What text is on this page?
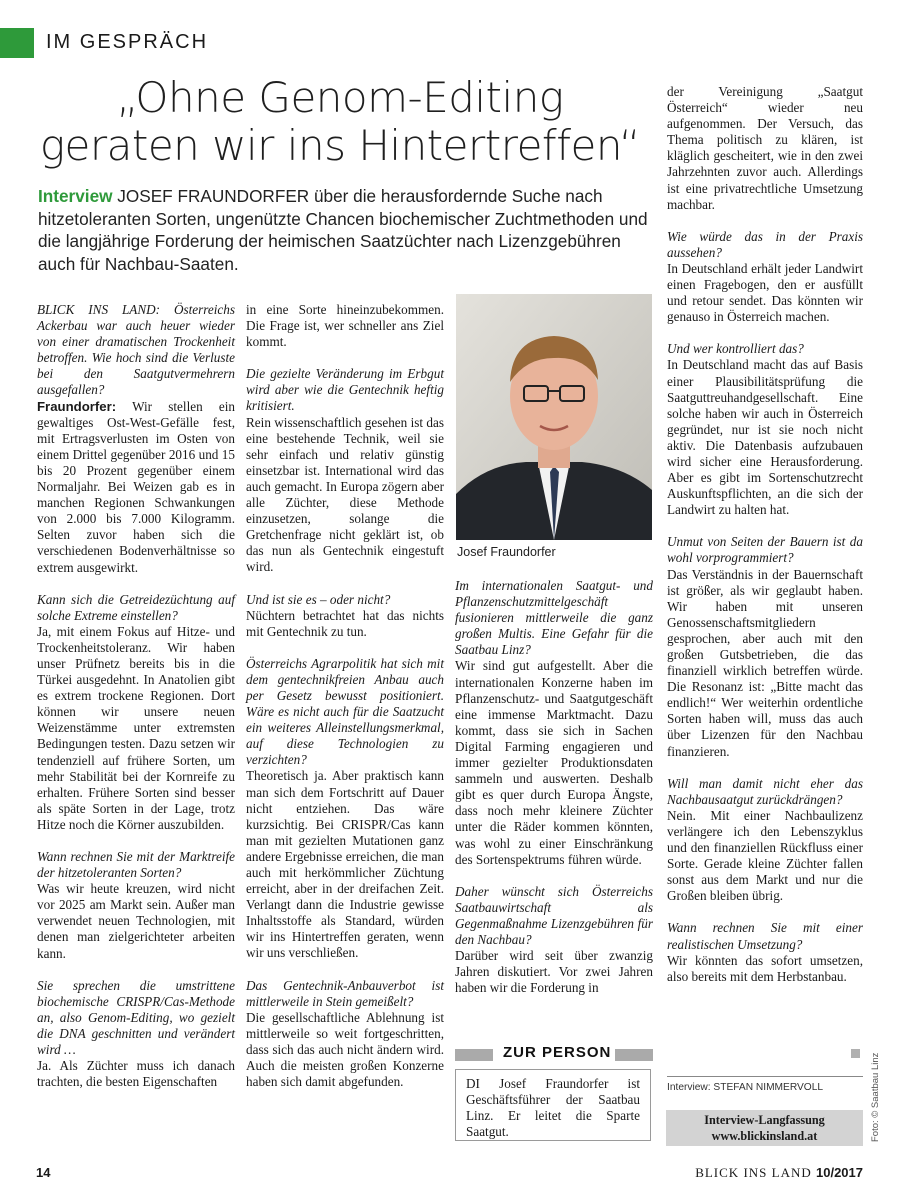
IM GESPRÄCH
„Ohne Genom-Editing
geraten wir ins Hintertreffen“
Interview JOSEF FRAUNDORFER über die herausfordernde Suche nach hitzetoleranten Sorten, ungenützte Chancen biochemischer Zuchtmethoden und die langjährige Forderung der heimischen Saatzüchter nach Lizenzgebühren auch für Nachbau-Saaten.

BLICK INS LAND: Österreichs Ackerbau war auch heuer wieder von einer dramatischen Trockenheit betroffen. Wie hoch sind die Verluste bei den Saatgutvermehrern ausgefallen?
Fraundorfer: Wir stellen ein gewaltiges Ost-West-Gefälle fest, mit Ertragsverlusten im Osten von einem Drittel gegenüber 2016 und 15 bis 20 Prozent gegenüber einem Normaljahr. Bei Weizen gab es in manchen Regionen Schwankungen von 2.000 bis 7.000 Kilogramm. Selten zuvor haben sich die verschiedenen Bodenverhältnisse so extrem ausgewirkt.

Kann sich die Getreidezüchtung auf solche Extreme einstellen?
Ja, mit einem Fokus auf Hitze- und Trockenheitstoleranz. Wir haben unser Prüfnetz bereits bis in die Türkei ausgedehnt. In Anatolien gibt es extrem trockene Regionen. Dort können wir unsere neuen Weizenstämme unter extremsten Bedingungen testen. Dazu setzen wir tendenziell auf frühere Sorten, um mehr Stabilität bei der Kornreife zu erhalten. Frühere Sorten sind besser als späte Sorten in der Lage, trotz Hitze noch die Körner auszubilden.

Wann rechnen Sie mit der Marktreife der hitzetoleranten Sorten?
Was wir heute kreuzen, wird nicht vor 2025 am Markt sein. Außer man verwendet neuen Technologien, mit denen man zielgerichteter arbeiten kann.

Sie sprechen die umstrittene biochemische CRISPR/Cas-Methode an, also Genom-Editing, wo gezielt die DNA geschnitten und verändert wird …
Ja. Als Züchter muss ich danach trachten, die besten Eigenschaften

in eine Sorte hineinzubekommen. Die Frage ist, wer schneller ans Ziel kommt.

Die gezielte Veränderung im Erbgut wird aber wie die Gentechnik heftig kritisiert.
Rein wissenschaftlich gesehen ist das eine bestehende Technik, weil sie sehr einfach und relativ günstig einsetzbar ist. International wird das auch gemacht. In Europa zögern aber alle Züchter, diese Methode einzusetzen, solange die Gretchenfrage nicht geklärt ist, ob das nun als Gentechnik eingestuft wird.

Und ist sie es – oder nicht?
Nüchtern betrachtet hat das nichts mit Gentechnik zu tun.

Österreichs Agrarpolitik hat sich mit dem gentechnikfreien Anbau auch per Gesetz bewusst positioniert. Wäre es nicht auch für die Saatzucht ein weiteres Alleinstellungsmerkmal, auf diese Technologien zu verzichten?
Theoretisch ja. Aber praktisch kann man sich dem Fortschritt auf Dauer nicht entziehen. Das wäre kurzsichtig. Bei CRISPR/Cas kann man mit gezielten Mutationen ganz andere Ergebnisse erreichen, die man auch mit herkömmlicher Züchtung erreicht, aber in der dreifachen Zeit. Verlangt dann die Industrie gewisse Inhaltsstoffe als Standard, würden wir ins Hintertreffen geraten, wenn wir uns verschließen.

Das Gentechnik-Anbauverbot ist mittlerweile in Stein gemeißelt?
Die gesellschaftliche Ablehnung ist mittlerweile so weit fortgeschritten, dass sich das auch nicht ändern wird. Auch die meisten großen Konzerne haben sich damit abgefunden.

Josef Fraundorfer

Im internationalen Saatgut- und Pflanzenschutzmittelgeschäft fusionieren mittlerweile die ganz großen Multis. Eine Gefahr für die Saatbau Linz?
Wir sind gut aufgestellt. Aber die internationalen Konzerne haben im Pflanzenschutz- und Saatgutgeschäft eine immense Marktmacht. Dazu kommt, dass sie sich in Sachen Digital Farming engagieren und immer gezielter Produktionsdaten sammeln und auswerten. Deshalb gibt es quer durch Europa Ängste, dass noch mehr kleinere Züchter unter die Räder kommen könnten, was wohl zu einer Einschränkung des Sortenspektrums führen würde.

Daher wünscht sich Österreichs Saatbauwirtschaft als Gegenmaßnahme Lizenzgebühren für den Nachbau?
Darüber wird seit über zwanzig Jahren diskutiert. Vor zwei Jahren haben wir die Forderung in

ZUR PERSON
DI Josef Fraundorfer ist Geschäftsführer der Saatbau Linz. Er leitet die Sparte Saatgut.

der Vereinigung „Saatgut Österreich“ wieder neu aufgenommen. Der Versuch, das Thema politisch zu klären, ist kläglich gescheitert, wie in den zwei Jahrzehnten zuvor auch. Allerdings ist eine privatrechtliche Umsetzung machbar.

Wie würde das in der Praxis aussehen?
In Deutschland erhält jeder Landwirt einen Fragebogen, den er ausfüllt und retour sendet. Das könnten wir genauso in Österreich machen.

Und wer kontrolliert das?
In Deutschland macht das auf Basis einer Plausibilitätsprüfung die Saatguttreuhandgesellschaft. Eine solche haben wir auch in Österreich gegründet, nur ist sie noch nicht aktiv. Die Datenbasis aufzubauen wird sicher eine Herausforderung. Aber es gibt im Sortenschutzrecht Auskunftspflichten, an die sich der Landwirt zu halten hat.

Unmut von Seiten der Bauern ist da wohl vorprogrammiert?
Das Verständnis in der Bauernschaft ist größer, als wir geglaubt haben. Wir haben mit unseren Genossenschaftsmitgliedern gesprochen, aber auch mit den großen Gutsbetrieben, die das finanziell wirklich betreffen würde. Die Resonanz ist: „Bitte macht das endlich!“ Wer weiterhin ordentliche Sorten haben will, muss das auch über Lizenzen für den Nachbau finanzieren.

Will man damit nicht eher das Nachbausaatgut zurückdrängen?
Nein. Mit einer Nachbaulizenz verlängere ich den Lebenszyklus und den finanziellen Rückfluss einer Sorte. Gerade kleine Züchter fallen sonst aus dem Markt und nur die Großen bleiben übrig.

Wann rechnen Sie mit einer realistischen Umsetzung?
Wir könnten das sofort umsetzen, also bereits mit dem Herbstanbau.

Interview: STEFAN NIMMERVOLL
Interview-Langfassung
www.blickinsland.at	Foto: © Saatbau Linz
14	BLICK INS LAND 10/2017
